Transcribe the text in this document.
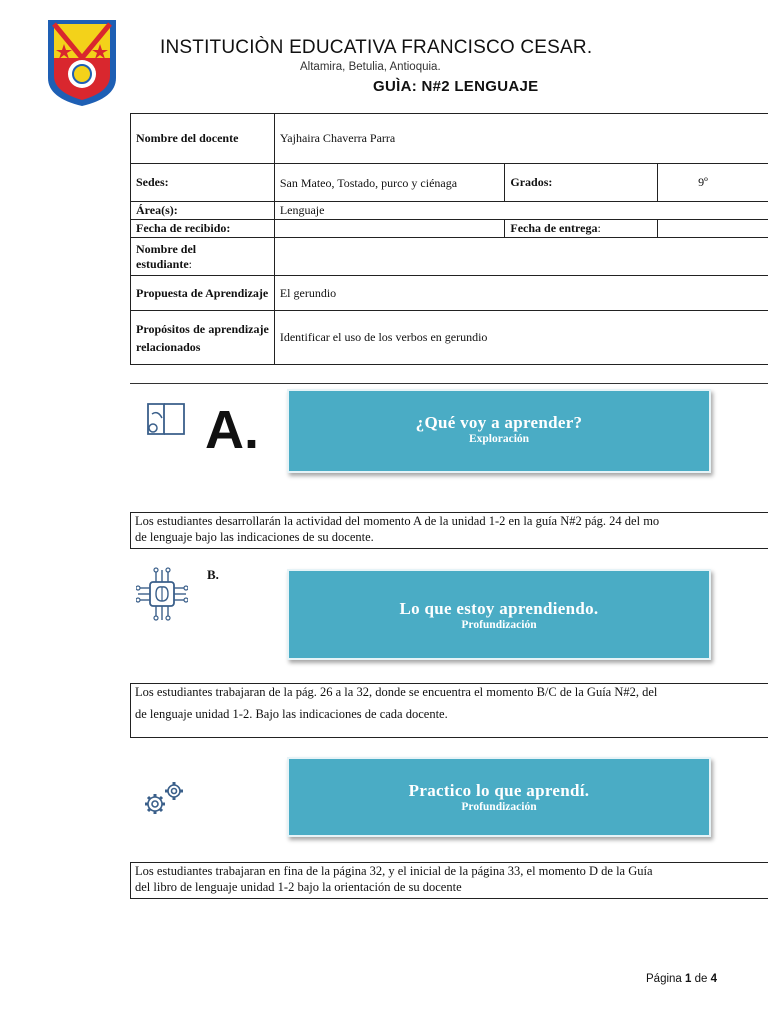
INSTITUCIÒN EDUCATIVA FRANCISCO CESAR.
Altamira, Betulia, Antioquia.
GUÌA: N#2 LENGUAJE
Nombre del docente	Yajhaira Chaverra Parra		
Sedes:	San Mateo, Tostado, purco y ciénaga	Grados:	9º
Área(s):	Lenguaje		
Fecha de recibido:		Fecha de entrega:	

Nombre del
estudiante:			

Propuesta de Aprendizaje	El gerundio		
Propósitos de aprendizaje relacionados	Identificar el uso de los verbos en gerundio		
A.	¿Qué voy a aprender?
Exploración
Los estudiantes desarrollarán la actividad del momento A de la unidad 1-2 en la guía N#2 pág. 24 del mo
de lenguaje bajo las indicaciones de su docente.
B.
Lo que estoy aprendiendo.
Profundización
Los estudiantes trabajaran de la pág. 26 a la 32, donde se encuentra el momento B/C de la Guía N#2, del
de lenguaje unidad 1-2. Bajo las indicaciones de cada docente.
Practico lo que aprendí.
Profundización
Los estudiantes trabajaran en fina de la página 32, y el inicial de la página 33, el momento D de la Guía
del libro de lenguaje unidad 1-2 bajo la orientación de su docente
Página 1 de 4
